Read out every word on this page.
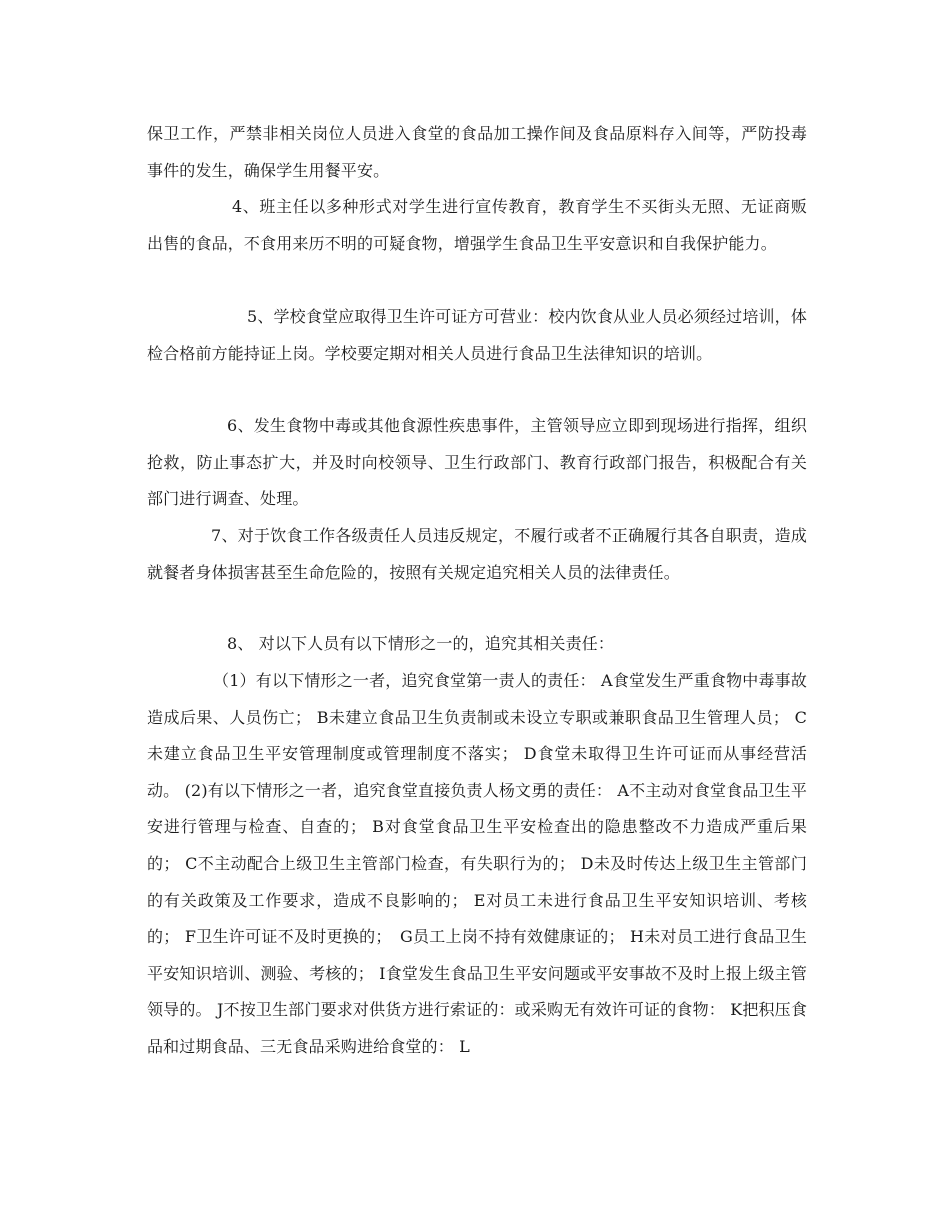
保卫工作，严禁非相关岗位人员进入食堂的食品加工操作间及食品原料存入间等，严防投毒事件的发生，确保学生用餐平安。

4、班主任以多种形式对学生进行宣传教育，教育学生不买街头无照、无证商贩出售的食品，不食用来历不明的可疑食物，增强学生食品卫生平安意识和自我保护能力。

5、学校食堂应取得卫生许可证方可营业：校内饮食从业人员必须经过培训，体检合格前方能持证上岗。学校要定期对相关人员进行食品卫生法律知识的培训。

6、发生食物中毒或其他食源性疾患事件，主管领导应立即到现场进行指挥，组织抢救，防止事态扩大，并及时向校领导、卫生行政部门、教育行政部门报告，积极配合有关部门进行调查、处理。

7、对于饮食工作各级责任人员违反规定，不履行或者不正确履行其各自职责，造成就餐者身体损害甚至生命危险的，按照有关规定追究相关人员的法律责任。

8、 对以下人员有以下情形之一的，追究其相关责任：

（1）有以下情形之一者，追究食堂第一责人的责任： A食堂发生严重食物中毒事故造成后果、人员伤亡； B未建立食品卫生负责制或未设立专职或兼职食品卫生管理人员； C未建立食品卫生平安管理制度或管理制度不落实； D食堂未取得卫生许可证而从事经营活动。 (2)有以下情形之一者，追究食堂直接负责人杨文勇的责任： A不主动对食堂食品卫生平安进行管理与检查、自查的； B对食堂食品卫生平安检查出的隐患整改不力造成严重后果的； C不主动配合上级卫生主管部门检查，有失职行为的； D未及时传达上级卫生主管部门的有关政策及工作要求，造成不良影响的； E对员工未进行食品卫生平安知识培训、考核的； F卫生许可证不及时更换的；　G员工上岗不持有效健康证的； H未对员工进行食品卫生平安知识培训、测验、考核的； I食堂发生食品卫生平安问题或平安事故不及时上报上级主管领导的。 J不按卫生部门要求对供货方进行索证的：或采购无有效许可证的食物： K把积压食品和过期食品、三无食品采购进给食堂的： L
